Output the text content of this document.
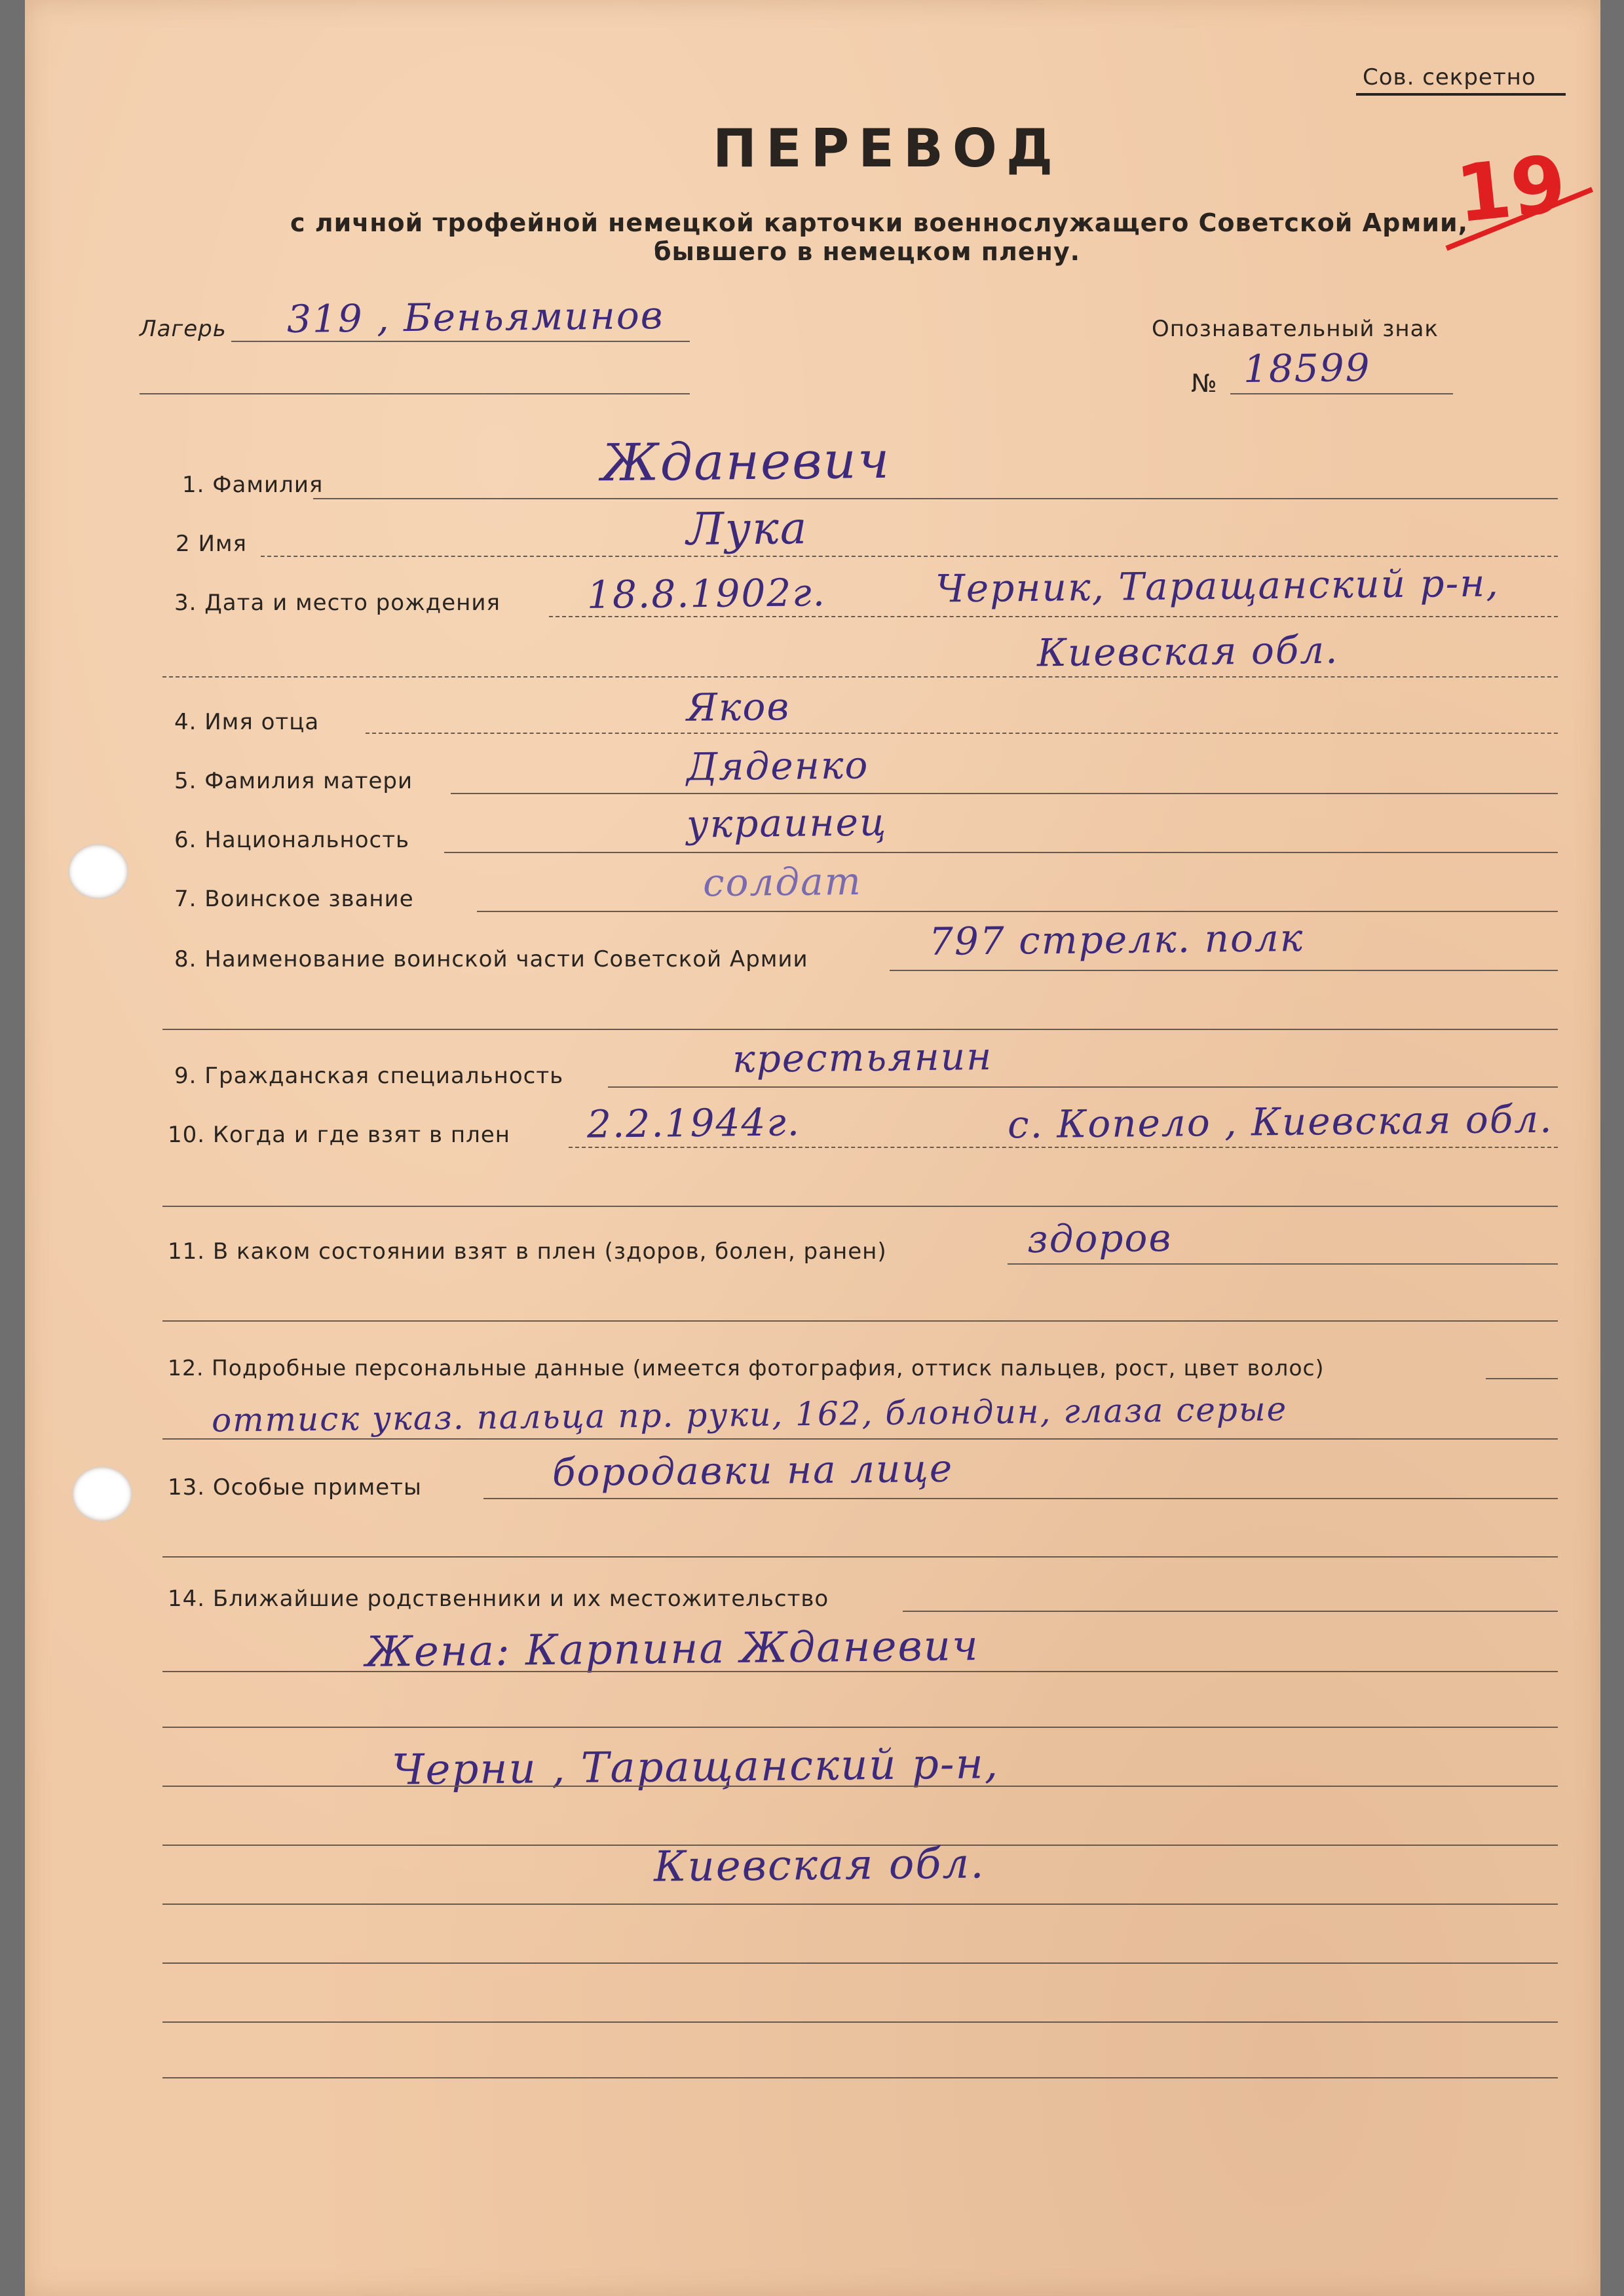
Сов. секретно
ПЕРЕВОД
с личной трофейной немецкой карточки военнослужащего Советской Армии,
бывшего в немецком плену.
19
Лагерь 319 , Беньяминов	Опознавательный знак
№ 18599
1. Фамилия	Жданевич
2 Имя	Лука
3. Дата и место рождения 18.8.1902г.	Черник, Таращанский р-н,
Киевская обл.
4. Имя отца	Яков
5. Фамилия матери	Дяденко
6. Национальность	украинец
7. Воинское звание	солдат
8. Наименование воинской части Советской Армии	797 стрелк. полк
9. Гражданская специальность	крестьянин
10. Когда и где взят в плен 2.2.1944г.	с. Копело , Киевская обл.
11. В каком состоянии взят в плен (здоров, болен, ранен)	здоров
12. Подробные персональные данные (имеется фотография, оттиск пальцев, рост, цвет волос)
оттиск указ. пальца пр. руки, 162, блондин, глаза серые
13. Особые приметы	бородавки на лице
14. Ближайшие родственники и их местожительство
Жена: Карпина Жданевич
Черни , Таращанский р-н,
Киевская обл.
